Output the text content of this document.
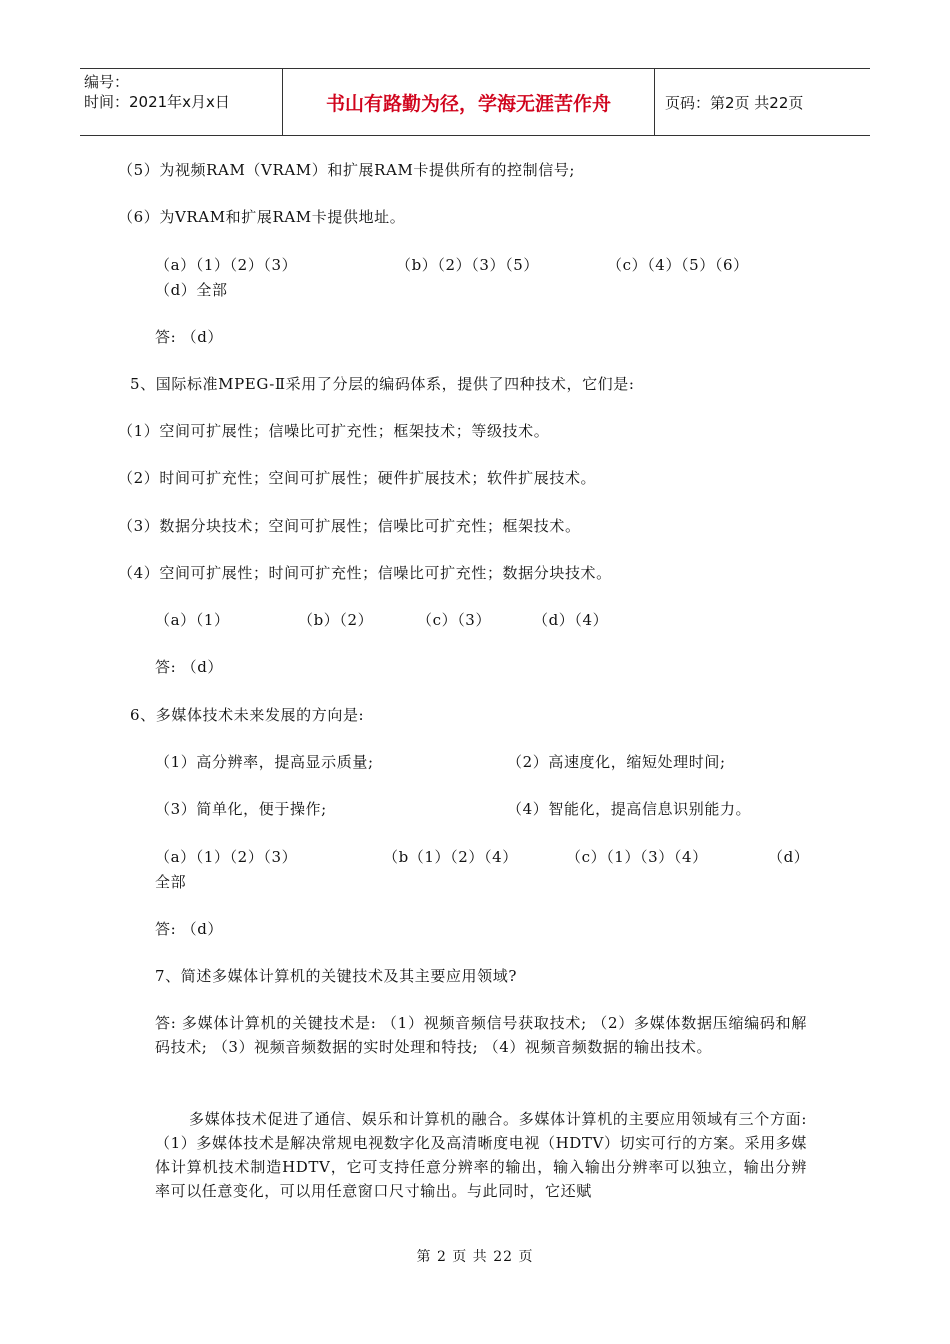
编号：
时间：2021年x月x日	书山有路勤为径，学海无涯苦作舟	页码：第2页 共22页
（5）为视频RAM（VRAM）和扩展RAM卡提供所有的控制信号;
（6）为VRAM和扩展RAM卡提供地址。
（a）（1）（2）（3）	（b）（2）（3）（5）	（c）（4）（5）（6）
（d）全部
答: （d）
5、国际标准MPEG-Ⅱ采用了分层的编码体系，提供了四种技术，它们是:
（1）空间可扩展性；信噪比可扩充性；框架技术；等级技术。
（2）时间可扩充性；空间可扩展性；硬件扩展技术；软件扩展技术。
（3）数据分块技术；空间可扩展性；信噪比可扩充性；框架技术。
（4）空间可扩展性；时间可扩充性；信噪比可扩充性；数据分块技术。
（a）（1）	（b）（2）	（c）（3）	（d）（4）
答: （d）
6、多媒体技术未来发展的方向是:
（1）高分辨率，提高显示质量;	（2）高速度化，缩短处理时间;
（3）简单化，便于操作;	（4）智能化，提高信息识别能力。
（a）（1）（2）（3）	（b（1）（2）（4）	（c）（1）（3）（4）	（d）
全部
答: （d）
7、简述多媒体计算机的关键技术及其主要应用领域?
答: 多媒体计算机的关键技术是: （1）视频音频信号获取技术; （2）多媒体数据压缩编码和解码技术; （3）视频音频数据的实时处理和特技; （4）视频音频数据的输出技术。
多媒体技术促进了通信、娱乐和计算机的融合。多媒体计算机的主要应用领域有三个方面: （1）多媒体技术是解决常规电视数字化及高清晰度电视（HDTV）切实可行的方案。采用多媒体计算机技术制造HDTV，它可支持任意分辨率的输出，输入输出分辨率可以独立，输出分辨率可以任意变化，可以用任意窗口尺寸输出。与此同时，它还赋
第 2 页 共 22 页
